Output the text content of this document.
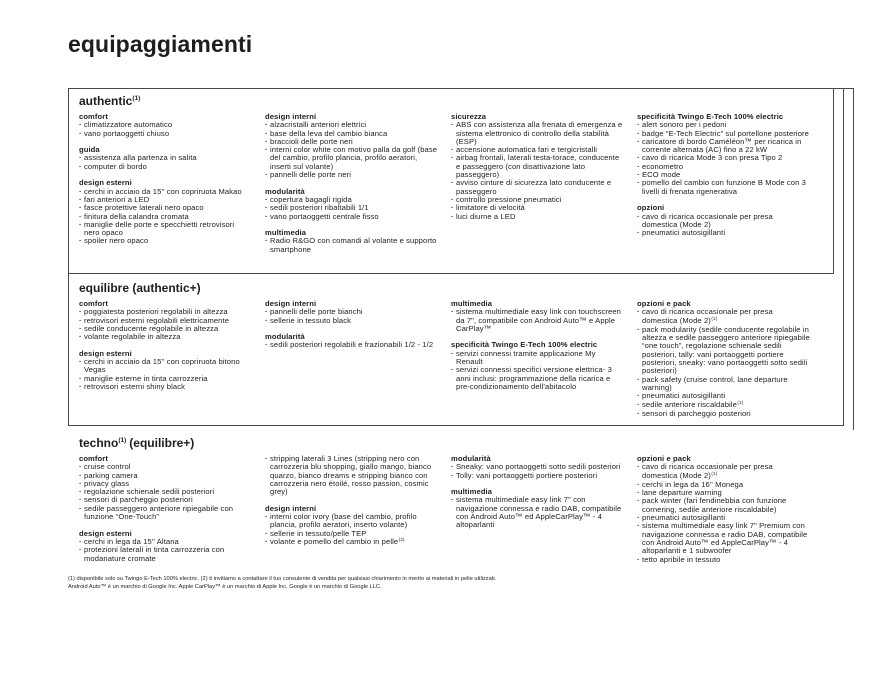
equipaggiamenti
authentic$^{(1)}$
comfort
· climatizzatore automatico
· vano portaoggetti chiuso
guida
· assistenza alla partenza in salita
· computer di bordo
design esterni
· cerchi in acciaio da 15'' con copriruota Makao
· fari anteriori a LED
· fasce protettive laterali nero opaco
· finitura della calandra cromata
· maniglie delle porte e specchietti retrovisori nero opaco
· spoiler nero opaco
design interni
· alzacristalli anteriori elettrici
· base della leva del cambio bianca
· braccioli delle porte neri
· interni color white con motivo palla da golf (base del cambio, profilo plancia, profilo aeratori, inserti sul volante)
· pannelli delle porte neri
modularità
· copertura bagagli rigida
· sedili posteriori ribaltabili 1/1
· vano portaoggetti centrale fisso
multimedia
· Radio R&GO con comandi al volante e supporto smartphone
sicurezza
· ABS con assistenza alla frenata di emergenza e sistema elettronico di controllo della stabilità (ESP)
· accensione automatica fari e tergicristalli
· airbag frontali, laterali testa-torace, conducente e passeggero (con disattivazione lato passeggero)
· avviso cinture di sicurezza lato conducente e passeggero
· controllo pressione pneumatici
· limitatore di velocità
· luci diurne a LED
specificità Twingo E-Tech 100% electric
· alert sonoro per i pedoni
· badge “E-Tech Electric” sul portellone posteriore
· caricatore di bordo Caméléon™ per ricarica in corrente alternata (AC) fino a 22 kW
· cavo di ricarica Mode 3 con presa Tipo 2
· econometro
· ECO mode
· pomello del cambio con funzione B Mode con 3 livelli di frenata rigenerativa
opzioni
· cavo di ricarica occasionale per presa domestica (Mode 2)
· pneumatici autosigillanti
equilibre (authentic+)
comfort
· poggiatesta posteriori regolabili in altezza
· retrovisori esterni regolabili elettricamente
· sedile conducente regolabile in altezza
· volante regolabile in altezza
design esterni
· cerchi in acciaio da 15'' con copriruota bitono Vegas
· maniglie esterne in tinta carrozzeria
· retrovisori esterni shiny black
design interni
· pannelli delle porte bianchi
· sellerie in tessuto black
modularità
· sedili posteriori regolabili e frazionabili 1/2 - 1/2
multimedia
· sistema multimediale easy link con touchscreen da 7", compatibile con Android Auto™ e Apple CarPlay™
specificità Twingo E-Tech 100% electric
· servizi connessi tramite applicazione My Renault
· servizi connessi specifici versione elettrica- 3 anni inclusi: programmazione della ricarica e pre-condizionamento dell’abitacolo
opzioni e pack
· cavo di ricarica occasionale per presa domestica (Mode 2)$^{(1)}$
· pack modularity (sedile conducente regolabile in altezza e sedile passeggero anteriore ripiegabile “one touch”, regolazione schienale sedili posteriori, tally: vani portaoggetti portiere posteriori, sneaky: vano portaoggetti sotto sedili posteriori)
· pack safety (cruise control, lane departure warning)
· pneumatici autosigillanti
· sedile anteriore riscaldabile$^{(1)}$
· sensori di parcheggio posteriori
techno$^{(1)}$ (equilibre+)
comfort
· cruise control
· parking camera
· privacy glass
· regolazione schienale sedili posteriori
· sensori di parcheggio posteriori
· sedile passeggero anteriore ripiegabile con funzione “One-Touch”
design esterni
· cerchi in lega da 15'' Altana
· protezioni laterali in tinta carrozzeria con modanature cromate
· stripping laterali 3 Lines (stripping nero con carrozzeria blu shopping, giallo mango, bianco quarzo, bianco dreams e stripping bianco con carrozzeria nero étoilé, rosso passion, cosmic grey)
design interni
· interni color ivory (base del cambio, profilo plancia, profilo aeratori, inserto volante)
· sellerie in tessuto/pelle TEP
· volante e pomello del cambio in pelle$^{(2)}$
modularità
· Sneaky: vano portaoggetti sotto sedili posteriori
· Tolly: vani portaoggetti portiere posteriori
multimedia
· sistema multimediale easy link 7" con navigazione connessa e radio DAB, compatibile con Android Auto™ ed AppleCarPlay™ - 4 altoparlanti
opzioni e pack
· cavo di ricarica occasionale per presa domestica (Mode 2)$^{(1)}$
· cerchi in lega da 16'' Monega
· lane departure warning
· pack winter (fari fendinebbia con funzione cornering, sedile anteriore riscaldabile)
· pneumatici autosigillanti
· sistema multimediale easy link 7" Premium con navigazione connessa e radio DAB, compatibile con Android Auto™ ed AppleCarPlay™ - 4 altoparlanti e 1 subwoofer
· tetto apribile in tessuto
(1) disponibile solo su Twingo E-Tech 100% electric. (2) ti invitiamo a contattare il tuo consulente di vendita per qualsiasi chiarimento in merito ai materiali in pelle utilizzati.
Android Auto™ è un marchio di Google Inc. Apple CarPlay™ è un marchio di Apple Inc. Google è un marchio di Google LLC.
